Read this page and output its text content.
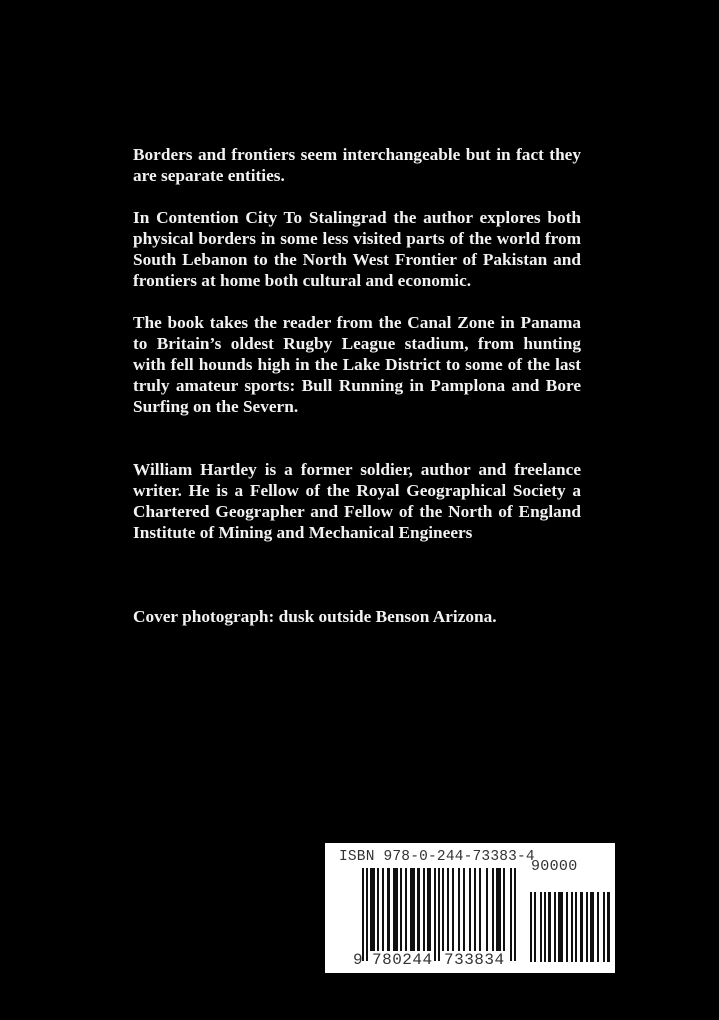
Borders and frontiers seem interchangeable but in fact they are separate entities.

In Contention City To Stalingrad the author explores both physical borders in some less visited parts of the world from South Lebanon to the North West Frontier of Pakistan and frontiers at home both cultural and economic.

The book takes the reader from the Canal Zone in Panama to Britain’s oldest Rugby League stadium, from hunting with fell hounds high in the Lake District to some of the last truly amateur sports: Bull Running in Pamplona and Bore Surfing on the Severn.

William Hartley is a former soldier, author and freelance writer. He is a Fellow of the Royal Geographical Society a Chartered Geographer and Fellow of the North of England Institute of Mining and Mechanical Engineers

Cover photograph: dusk outside Benson Arizona.

ISBN 978-0-244-73383-4
90000
9 780244 733834
